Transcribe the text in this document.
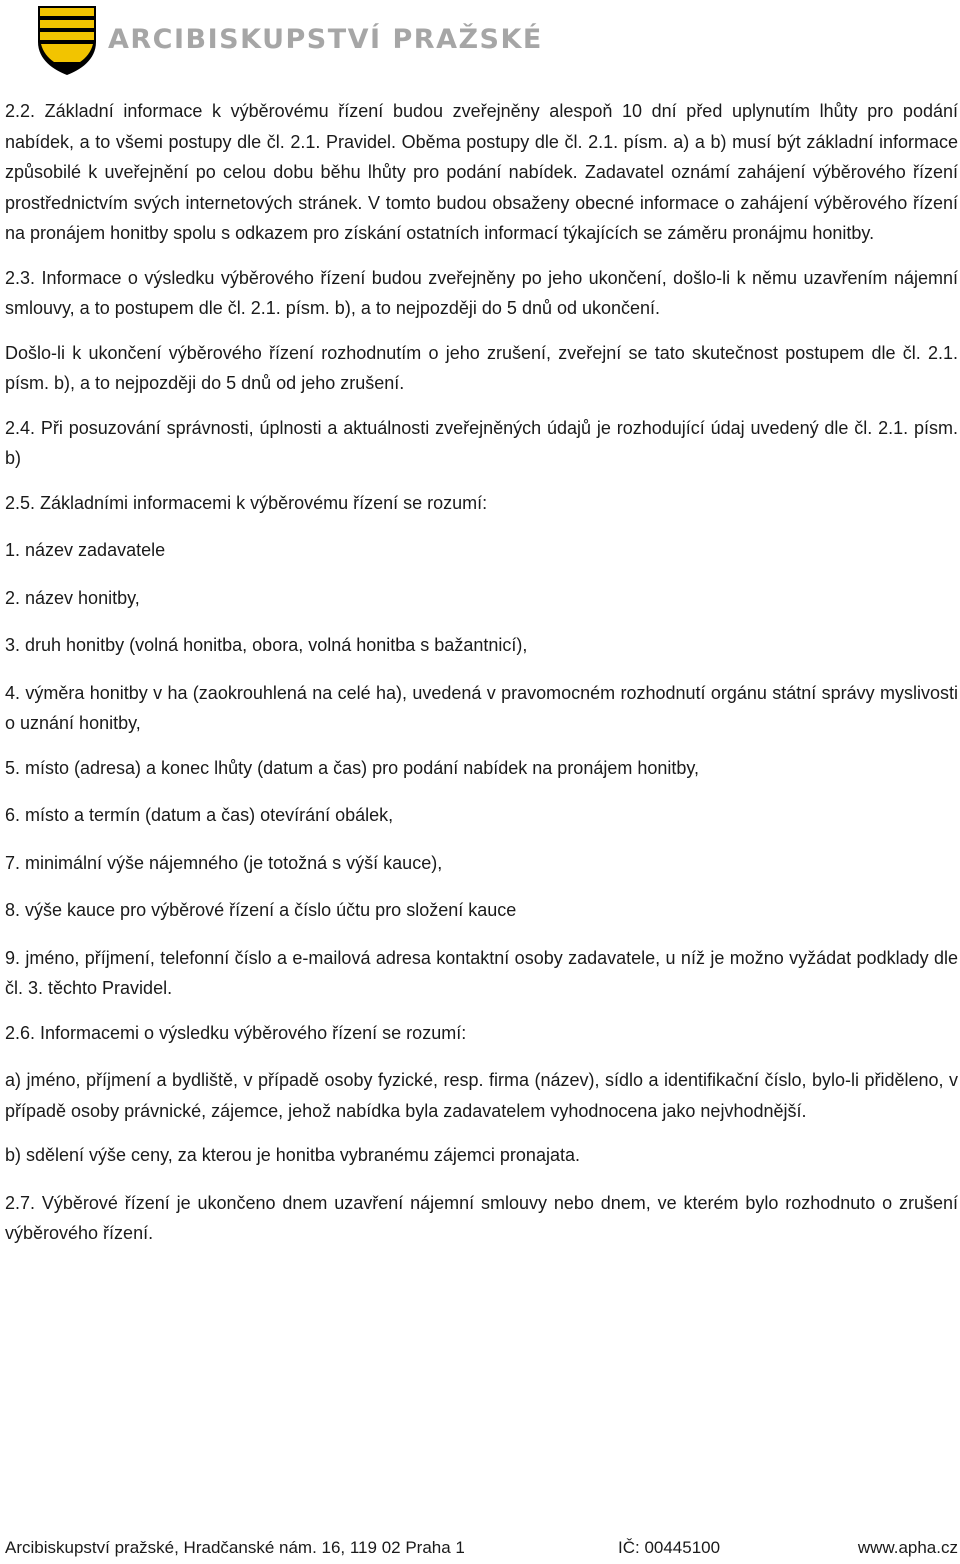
ARCIBISKUPSTVÍ PRAŽSKÉ

2.2. Základní informace k výběrovému řízení budou zveřejněny alespoň 10 dní před uplynutím lhůty pro podání nabídek, a to všemi postupy dle čl. 2.1. Pravidel. Oběma postupy dle čl. 2.1. písm. a) a b) musí být základní informace způsobilé k uveřejnění po celou dobu běhu lhůty pro podání nabídek. Zadavatel oznámí zahájení výběrového řízení prostřednictvím svých internetových stránek. V tomto budou obsaženy obecné informace o zahájení výběrového řízení na pronájem honitby spolu s odkazem pro získání ostatních informací týkajících se záměru pronájmu honitby.

2.3. Informace o výsledku výběrového řízení budou zveřejněny po jeho ukončení, došlo-li k němu uzavřením nájemní smlouvy, a to postupem dle čl. 2.1. písm. b), a to nejpozději do 5 dnů od ukončení.

Došlo-li k ukončení výběrového řízení rozhodnutím o jeho zrušení, zveřejní se tato skutečnost postupem dle čl. 2.1. písm. b), a to nejpozději do 5 dnů od jeho zrušení.

2.4. Při posuzování správnosti, úplnosti a aktuálnosti zveřejněných údajů je rozhodující údaj uvedený dle čl. 2.1. písm. b)

2.5. Základními informacemi k výběrovému řízení se rozumí:

1. název zadavatele

2. název honitby,

3. druh honitby (volná honitba, obora, volná honitba s bažantnicí),

4. výměra honitby v ha (zaokrouhlená na celé ha), uvedená v pravomocném rozhodnutí orgánu státní správy myslivosti o uznání honitby,

5. místo (adresa) a konec lhůty (datum a čas) pro podání nabídek na pronájem honitby,

6. místo a termín (datum a čas) otevírání obálek,

7. minimální výše nájemného (je totožná s výší kauce),

8. výše kauce pro výběrové řízení a číslo účtu pro složení kauce

9. jméno, příjmení, telefonní číslo a e-mailová adresa kontaktní osoby zadavatele, u níž je možno vyžádat podklady dle čl. 3. těchto Pravidel.

2.6. Informacemi o výsledku výběrového řízení se rozumí:

a) jméno, příjmení a bydliště, v případě osoby fyzické, resp. firma (název), sídlo a identifikační číslo, bylo-li přiděleno, v případě osoby právnické, zájemce, jehož nabídka byla zadavatelem vyhodnocena jako nejvhodnější.

b) sdělení výše ceny, za kterou je honitba vybranému zájemci pronajata.

2.7. Výběrové řízení je ukončeno dnem uzavření nájemní smlouvy nebo dnem, ve kterém bylo rozhodnuto o zrušení výběrového řízení.

Arcibiskupství pražské, Hradčanské nám. 16, 119 02 Praha 1	IČ: 00445100	www.apha.cz
